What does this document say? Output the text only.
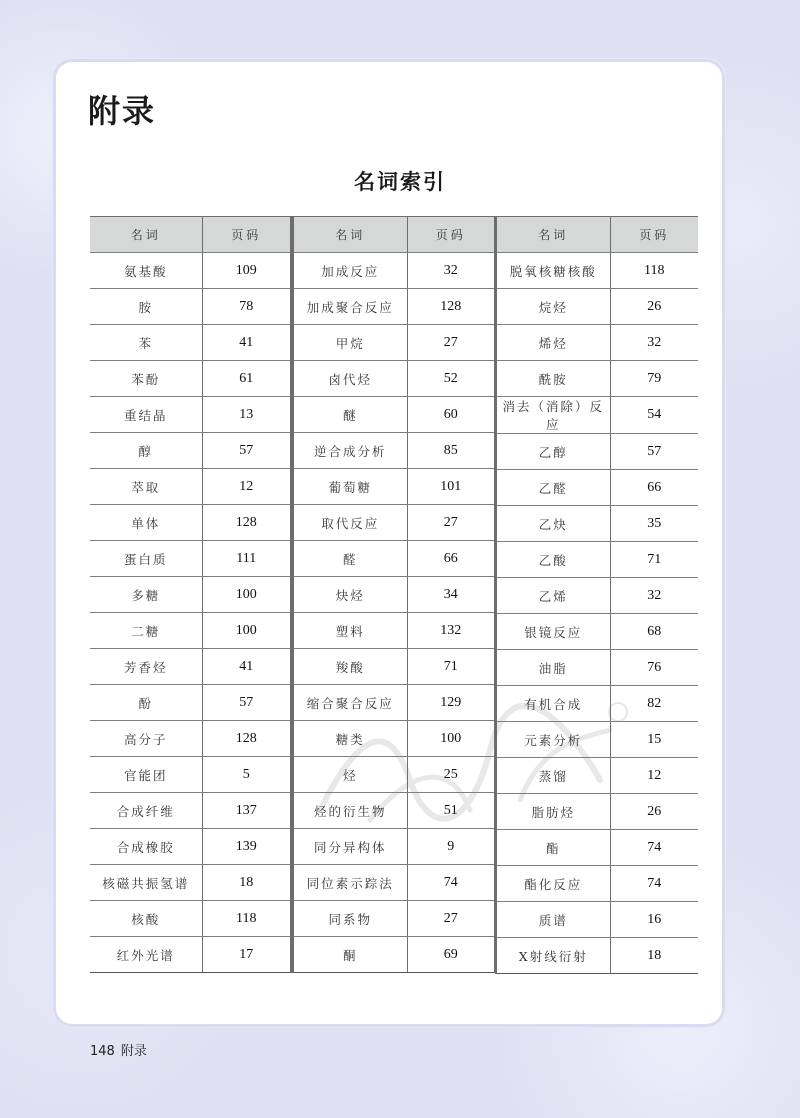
附录
名词索引
名词	页码
氨基酸	109
胺	78
苯	41
苯酚	61
重结晶	13
醇	57
萃取	12
单体	128
蛋白质	111
多糖	100
二糖	100
芳香烃	41
酚	57
高分子	128
官能团	5
合成纤维	137
合成橡胶	139
核磁共振氢谱	18
核酸	118
红外光谱	17
名词	页码
加成反应	32
加成聚合反应	128
甲烷	27
卤代烃	52
醚	60
逆合成分析	85
葡萄糖	101
取代反应	27
醛	66
炔烃	34
塑料	132
羧酸	71
缩合聚合反应	129
糖类	100
烃	25
烃的衍生物	51
同分异构体	9
同位素示踪法	74
同系物	27
酮	69
名词	页码
脱氧核糖核酸	118
烷烃	26
烯烃	32
酰胺	79
消去（消除）反应	54
乙醇	57
乙醛	66
乙炔	35
乙酸	71
乙烯	32
银镜反应	68
油脂	76
有机合成	82
元素分析	15
蒸馏	12
脂肪烃	26
酯	74
酯化反应	74
质谱	16
X射线衍射	18
148 附录
